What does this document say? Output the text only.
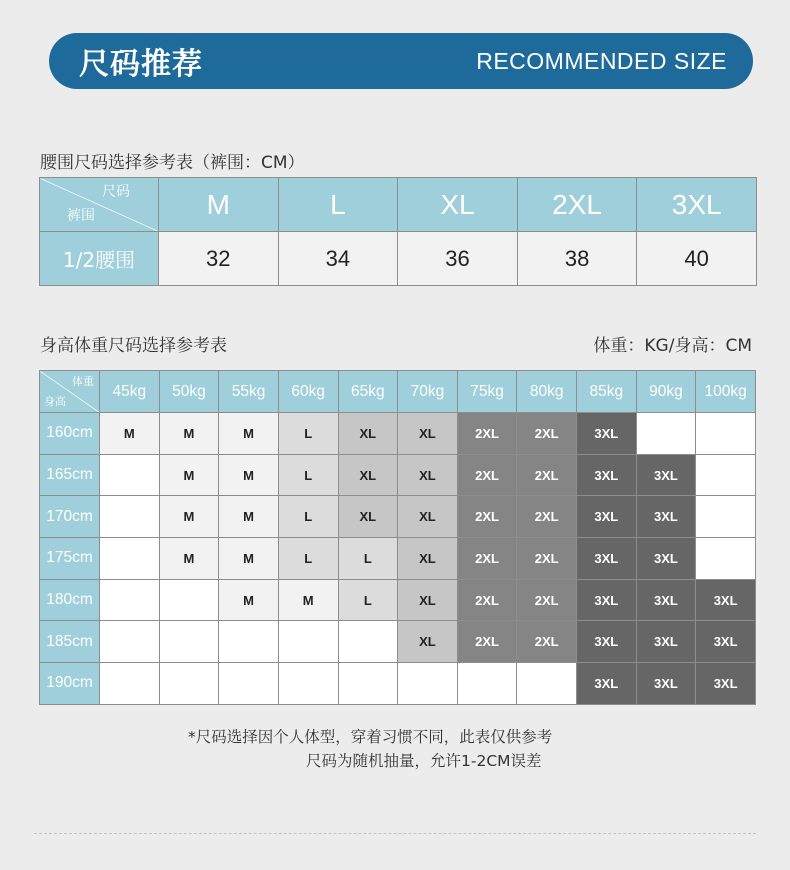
尺码推荐	RECOMMENDED SIZE
腰围尺码选择参考表（裤围：CM）
尺码
裤围	M	L	XL	2XL	3XL
1/2腰围	32	34	36	38	40
身高体重尺码选择参考表	体重：KG/身高：CM
体重
身高	45kg	50kg	55kg	60kg	65kg	70kg	75kg	80kg	85kg	90kg	100kg
160cm	M	M	M	L	XL	XL	2XL	2XL	3XL		
165cm		M	M	L	XL	XL	2XL	2XL	3XL	3XL	
170cm		M	M	L	XL	XL	2XL	2XL	3XL	3XL	
175cm		M	M	L	L	XL	2XL	2XL	3XL	3XL	
180cm			M	M	L	XL	2XL	2XL	3XL	3XL	3XL
185cm						XL	2XL	2XL	3XL	3XL	3XL
190cm									3XL	3XL	3XL
*尺码选择因个人体型，穿着习惯不同，此表仅供参考
尺码为随机抽量，允许1-2CM误差
